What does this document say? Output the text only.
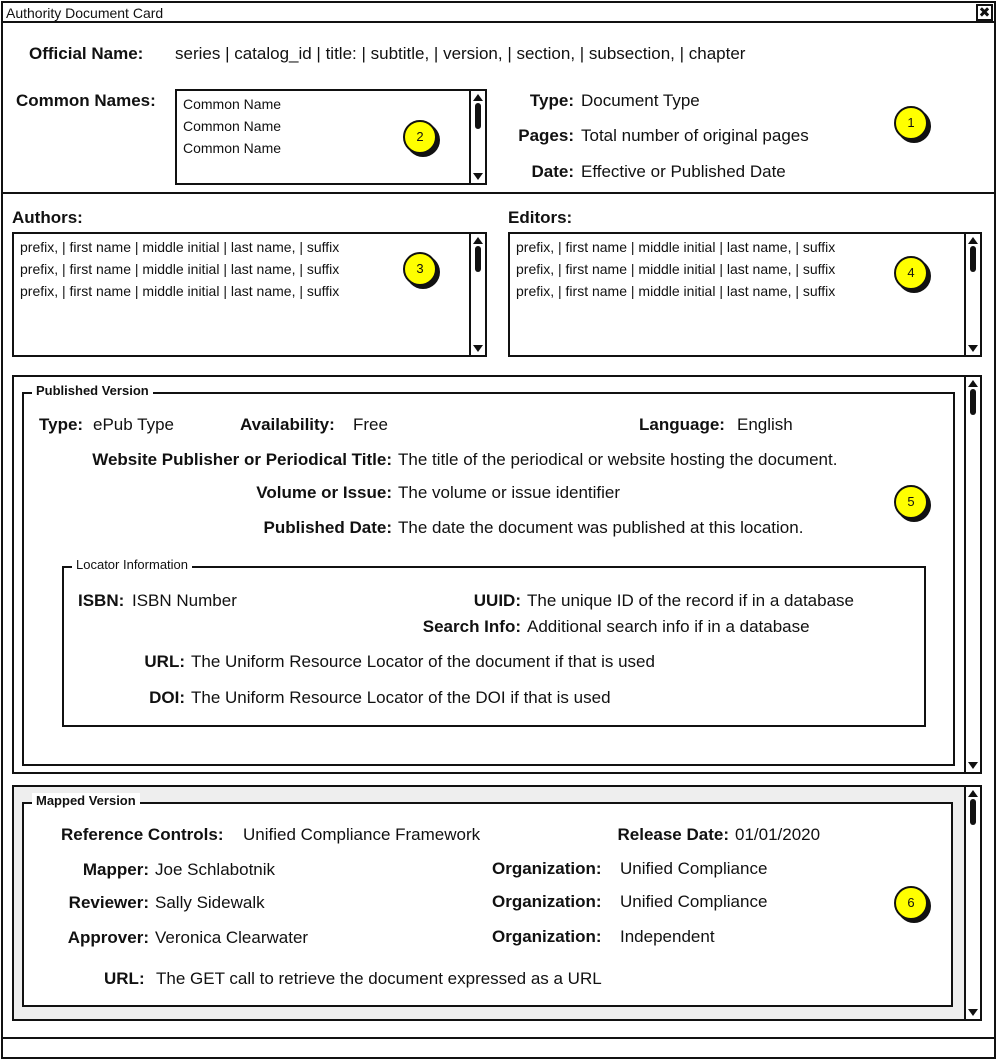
Authority Document Card	✖
Official Name: series | catalog_id | title: | subtitle, | version, | section, | subsection, | chapter
Common Names: Common Name
Common Name
Common Name
2
Type: Document Type
Pages: Total number of original pages
Date: Effective or Published Date
1
Authors:
prefix, | first name | middle initial | last name, | suffix
prefix, | first name | middle initial | last name, | suffix
prefix, | first name | middle initial | last name, | suffix
3
Editors:
prefix, | first name | middle initial | last name, | suffix
prefix, | first name | middle initial | last name, | suffix
prefix, | first name | middle initial | last name, | suffix
4
Published Version
Type: ePub Type	Availability: Free	Language: English
Website Publisher or Periodical Title: The title of the periodical or website hosting the document.
Volume or Issue: The volume or issue identifier
Published Date: The date the document was published at this location.
5
Locator Information
ISBN: ISBN Number	UUID: The unique ID of the record if in a database
Search Info: Additional search info if in a database
URL: The Uniform Resource Locator of the document if that is used
DOI: The Uniform Resource Locator of the DOI if that is used
Mapped Version
Reference Controls: Unified Compliance Framework	Release Date: 01/01/2020
Mapper: Joe Schlabotnik	Organization: Unified Compliance
Reviewer: Sally Sidewalk	Organization: Unified Compliance
Approver: Veronica Clearwater	Organization: Independent
URL: The GET call to retrieve the document expressed as a URL
6
